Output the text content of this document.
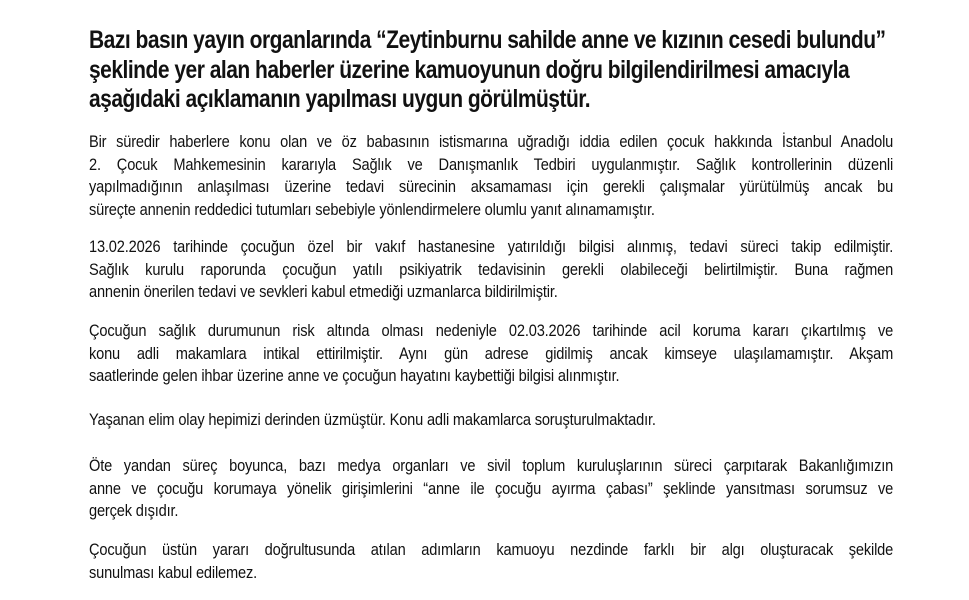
Bazı basın yayın organlarında “Zeytinburnu sahilde anne ve kızının cesedi bulundu”
şeklinde yer alan haberler üzerine kamuoyunun doğru bilgilendirilmesi amacıyla
aşağıdaki açıklamanın yapılması uygun görülmüştür.

Bir süredir haberlere konu olan ve öz babasının istismarına uğradığı iddia edilen çocuk hakkında İstanbul Anadolu
2. Çocuk Mahkemesinin kararıyla Sağlık ve Danışmanlık Tedbiri uygulanmıştır. Sağlık kontrollerinin düzenli
yapılmadığının anlaşılması üzerine tedavi sürecinin aksamaması için gerekli çalışmalar yürütülmüş ancak bu
süreçte annenin reddedici tutumları sebebiyle yönlendirmelere olumlu yanıt alınamamıştır.

13.02.2026 tarihinde çocuğun özel bir vakıf hastanesine yatırıldığı bilgisi alınmış, tedavi süreci takip edilmiştir.
Sağlık kurulu raporunda çocuğun yatılı psikiyatrik tedavisinin gerekli olabileceği belirtilmiştir. Buna rağmen
annenin önerilen tedavi ve sevkleri kabul etmediği uzmanlarca bildirilmiştir.

Çocuğun sağlık durumunun risk altında olması nedeniyle 02.03.2026 tarihinde acil koruma kararı çıkartılmış ve
konu adli makamlara intikal ettirilmiştir. Aynı gün adrese gidilmiş ancak kimseye ulaşılamamıştır. Akşam
saatlerinde gelen ihbar üzerine anne ve çocuğun hayatını kaybettiği bilgisi alınmıştır.

Yaşanan elim olay hepimizi derinden üzmüştür. Konu adli makamlarca soruşturulmaktadır.

Öte yandan süreç boyunca, bazı medya organları ve sivil toplum kuruluşlarının süreci çarpıtarak Bakanlığımızın
anne ve çocuğu korumaya yönelik girişimlerini “anne ile çocuğu ayırma çabası” şeklinde yansıtması sorumsuz ve
gerçek dışıdır.

Çocuğun üstün yararı doğrultusunda atılan adımların kamuoyu nezdinde farklı bir algı oluşturacak şekilde
sunulması kabul edilemez.
